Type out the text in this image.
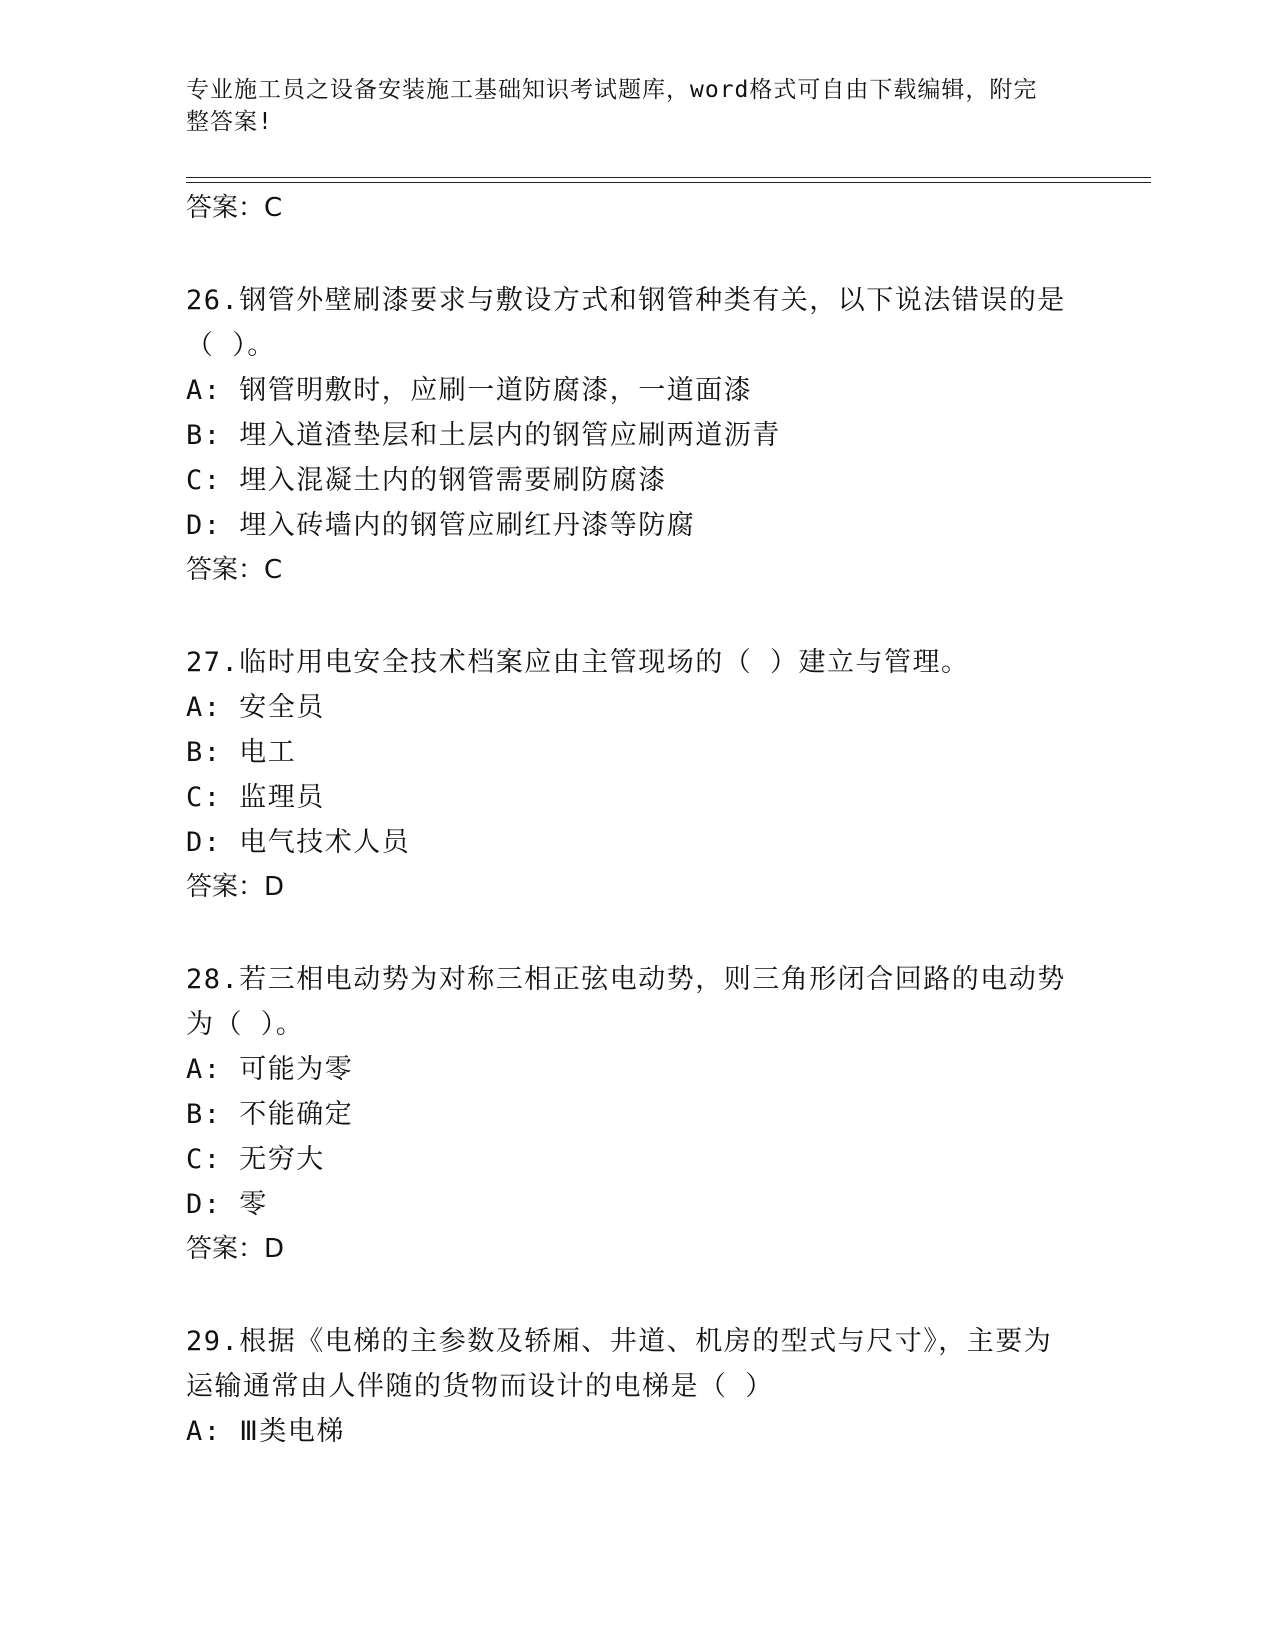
专业施工员之设备安装施工基础知识考试题库，word格式可自由下载编辑，附完
整答案!
答案：C
26.钢管外壁刷漆要求与敷设方式和钢管种类有关，以下说法错误的是
（ ）。
A: 钢管明敷时，应刷一道防腐漆，一道面漆
B: 埋入道渣垫层和土层内的钢管应刷两道沥青
C: 埋入混凝土内的钢管需要刷防腐漆
D: 埋入砖墙内的钢管应刷红丹漆等防腐
答案：C
27.临时用电安全技术档案应由主管现场的（ ）建立与管理。
A: 安全员
B: 电工
C: 监理员
D: 电气技术人员
答案：D
28.若三相电动势为对称三相正弦电动势，则三角形闭合回路的电动势
为（ ）。
A: 可能为零
B: 不能确定
C: 无穷大
D: 零
答案：D
29.根据《电梯的主参数及轿厢、井道、机房的型式与尺寸》，主要为
运输通常由人伴随的货物而设计的电梯是（ ）
A: Ⅲ类电梯
